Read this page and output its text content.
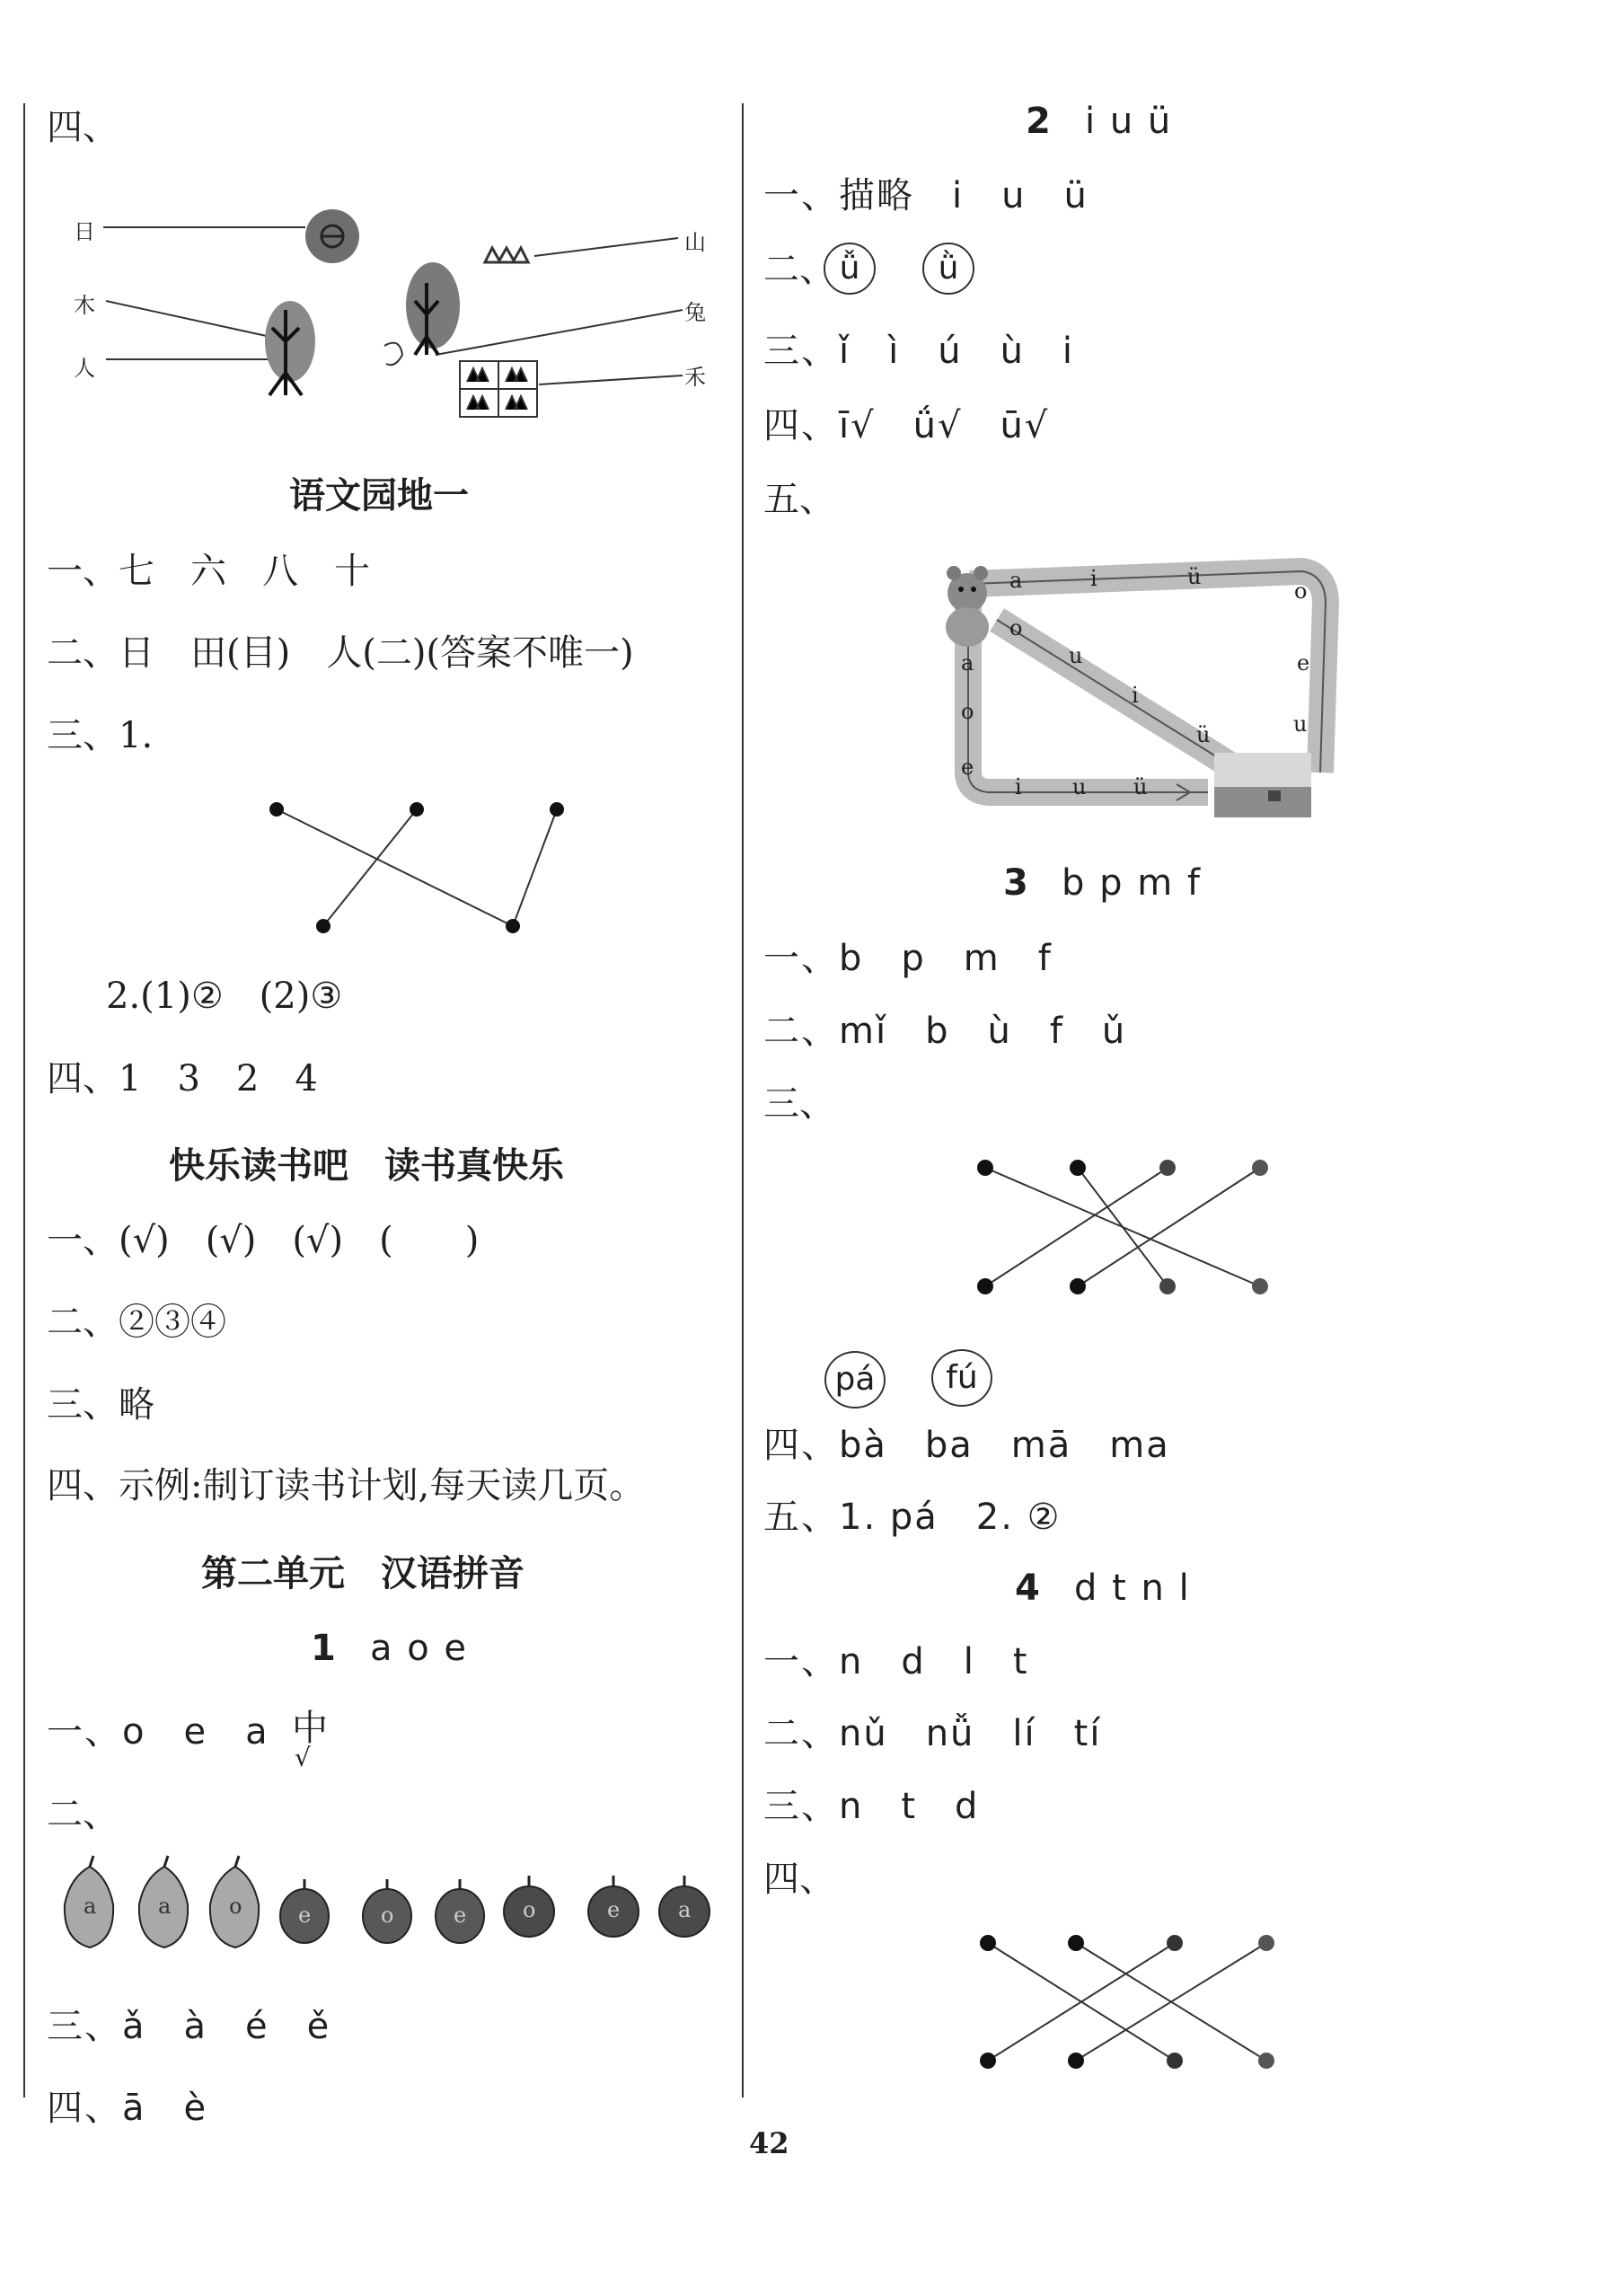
四、
日
木
人
山
兔
禾
语文园地一
一、七　六　八　十
二、日　田(目)　人(二)(答案不唯一)
三、1.
2.(1)②　(2)③
四、1　3　2　4
快乐读书吧　读书真快乐
一、(√)　(√)　(√)　(　　)
二、②③④
三、略
四、示例:制订读书计划,每天读几页。
第二单元　汉语拼音
1 a o e
一、o　e　a 中
√
二、
a	a	o	e	o	e	o	e	a
三、ǎ　à　é　ě
四、ā　è
2 i u ü
一、描略　i　u　ü
二、 ǚ	ǜ
三、ǐ　ì　ú　ù　i
四、ī√　ǘ√　ū√
五、
a	i	ü
o
e
u
o
u
i
ü
a
o
e
i u ü
3 b p m f
一、b　p　m　f
二、mǐ　b　ù　f　ǔ
三、
pá	fú
四、bà　ba　mā　ma
五、1. pá　2. ②
4 d t n l
一、n　d　l　t
二、nǔ　nǚ　lí　tí
三、n　t　d
四、
42
